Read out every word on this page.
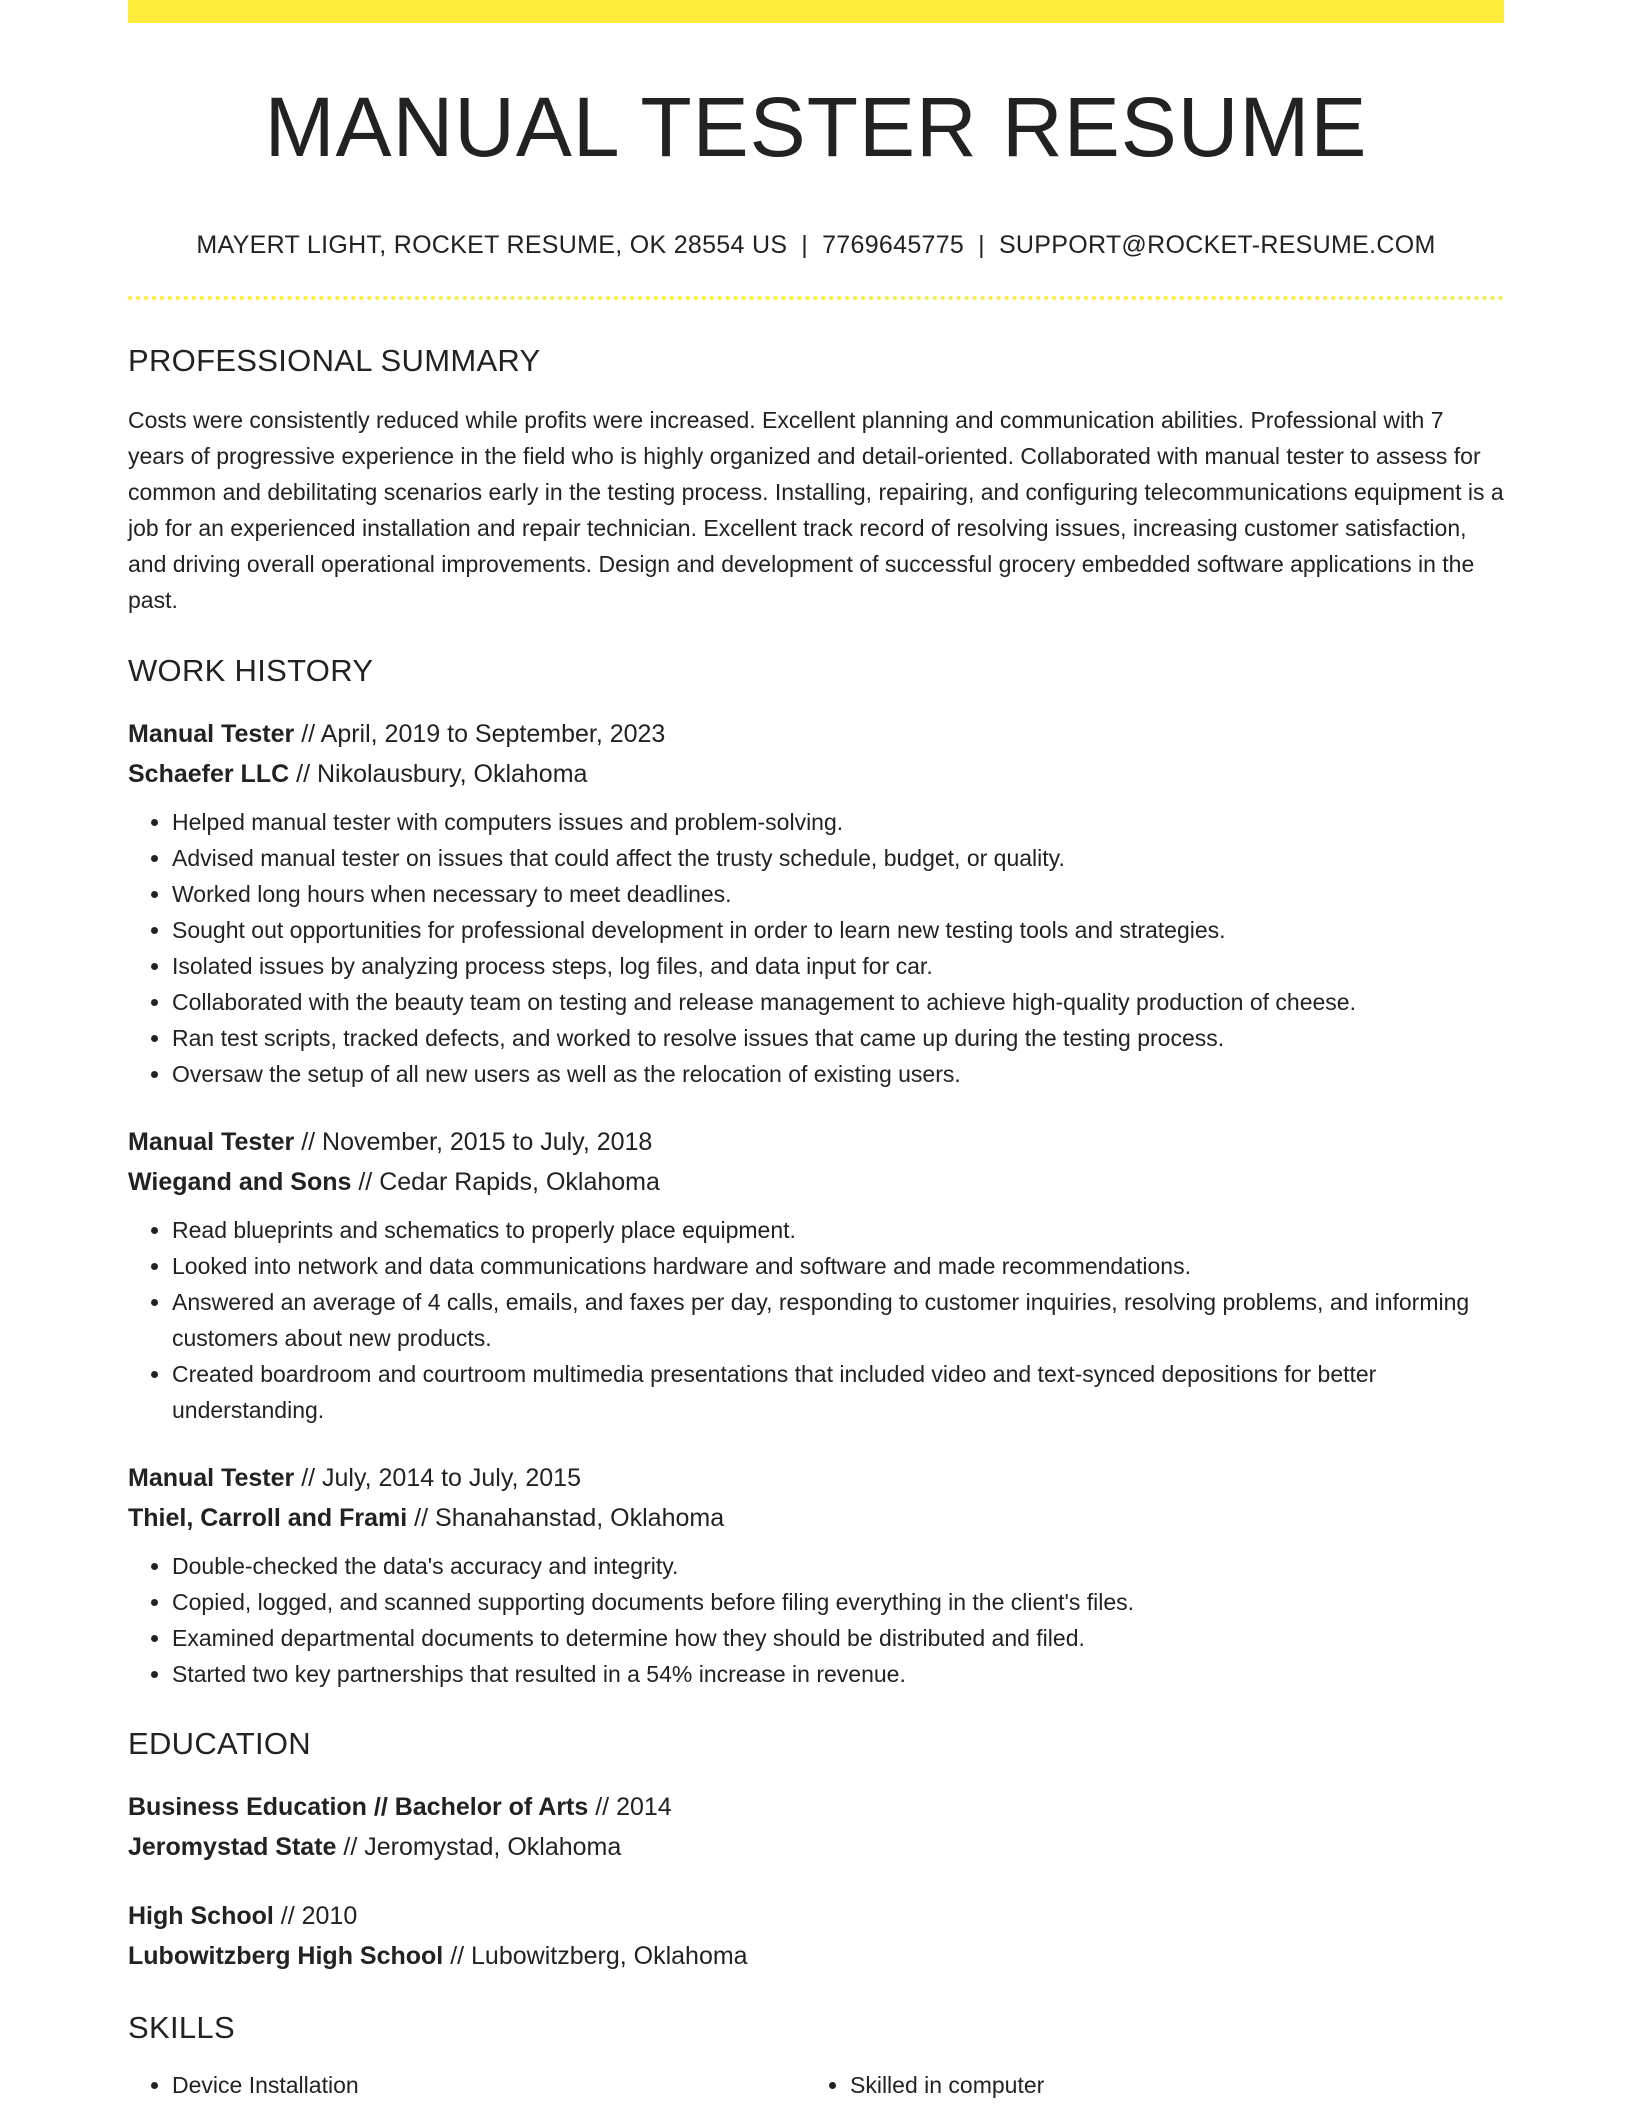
MANUAL TESTER RESUME
MAYERT LIGHT, ROCKET RESUME, OK 28554 US | 7769645775 | SUPPORT@ROCKET-RESUME.COM
PROFESSIONAL SUMMARY
Costs were consistently reduced while profits were increased. Excellent planning and communication abilities. Professional with 7 years of progressive experience in the field who is highly organized and detail-oriented. Collaborated with manual tester to assess for common and debilitating scenarios early in the testing process. Installing, repairing, and configuring telecommunications equipment is a job for an experienced installation and repair technician. Excellent track record of resolving issues, increasing customer satisfaction, and driving overall operational improvements. Design and development of successful grocery embedded software applications in the past.
WORK HISTORY
Manual Tester // April, 2019 to September, 2023
Schaefer LLC // Nikolausbury, Oklahoma
• Helped manual tester with computers issues and problem-solving.
• Advised manual tester on issues that could affect the trusty schedule, budget, or quality.
• Worked long hours when necessary to meet deadlines.
• Sought out opportunities for professional development in order to learn new testing tools and strategies.
• Isolated issues by analyzing process steps, log files, and data input for car.
• Collaborated with the beauty team on testing and release management to achieve high-quality production of cheese.
• Ran test scripts, tracked defects, and worked to resolve issues that came up during the testing process.
• Oversaw the setup of all new users as well as the relocation of existing users.
Manual Tester // November, 2015 to July, 2018
Wiegand and Sons // Cedar Rapids, Oklahoma
• Read blueprints and schematics to properly place equipment.
• Looked into network and data communications hardware and software and made recommendations.
• Answered an average of 4 calls, emails, and faxes per day, responding to customer inquiries, resolving problems, and informing customers about new products.
• Created boardroom and courtroom multimedia presentations that included video and text-synced depositions for better understanding.
Manual Tester // July, 2014 to July, 2015
Thiel, Carroll and Frami // Shanahanstad, Oklahoma
• Double-checked the data's accuracy and integrity.
• Copied, logged, and scanned supporting documents before filing everything in the client's files.
• Examined departmental documents to determine how they should be distributed and filed.
• Started two key partnerships that resulted in a 54% increase in revenue.
EDUCATION
Business Education // Bachelor of Arts // 2014
Jeromystad State // Jeromystad, Oklahoma
High School // 2010
Lubowitzberg High School // Lubowitzberg, Oklahoma
SKILLS
• Device Installation
•	Skilled in computer
